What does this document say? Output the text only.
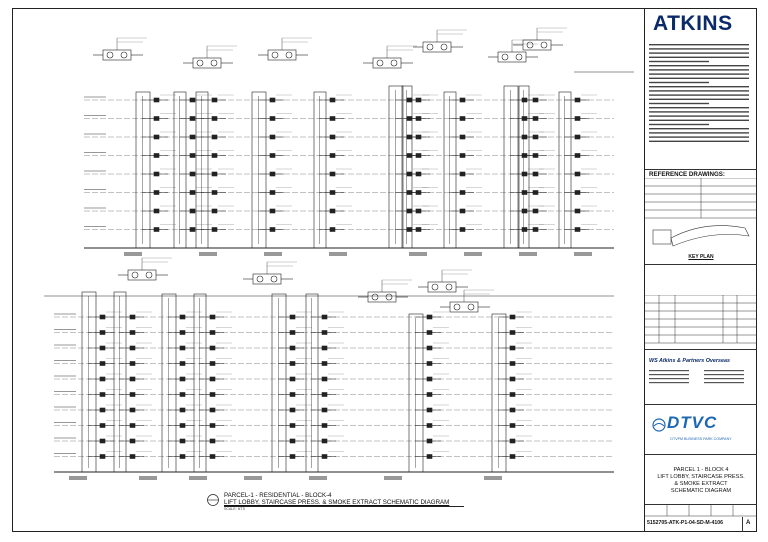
PARCEL-1 - RESIDENTIAL - BLOCK-4
LIFT LOBBY, STAIRCASE PRESS. & SMOKE EXTRACT SCHEMATIC DIAGRAM
SCALE: NTS
ATKINS
REFERENCE DRAWINGS:
KEY PLAN
WS Atkins & Partners Overseas
DTVC
DTVPM BUSINESS PARK COMPANY
PARCEL 1 - BLOCK 4
LIFT LOBBY, STAIRCASE PRESS.
& SMOKE EXTRACT
SCHEMATIC DIAGRAM
5152705-ATK-P1-04-SD-M-4106	A
